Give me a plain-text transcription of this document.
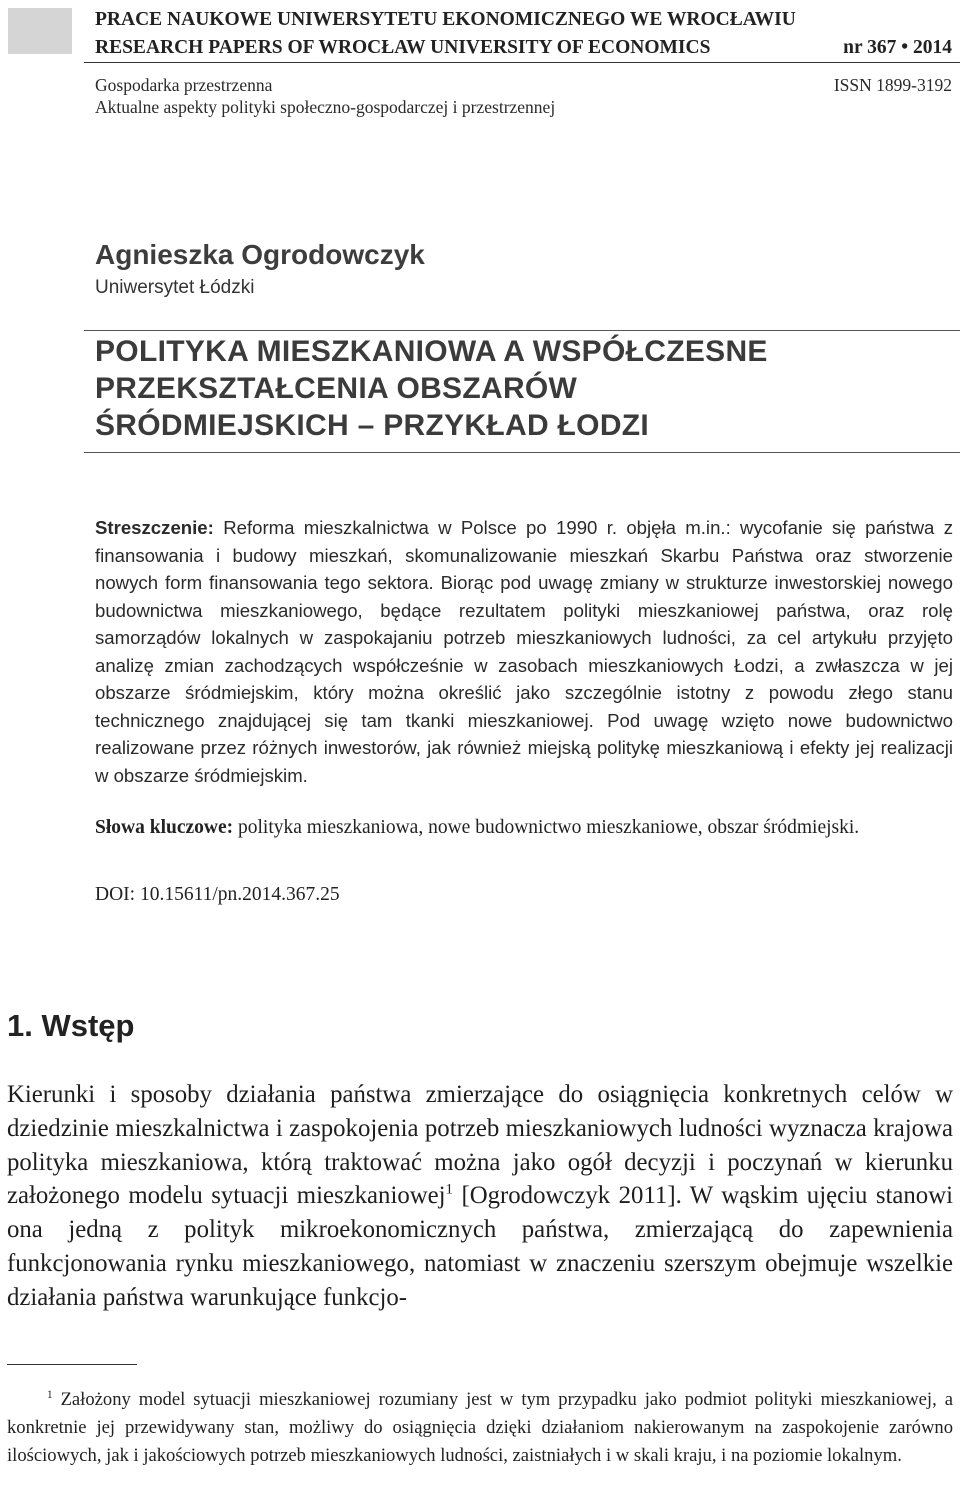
PRACE NAUKOWE UNIWERSYTETU EKONOMICZNEGO WE WROCŁAWIU
RESEARCH PAPERS OF WROCŁAW UNIVERSITY OF ECONOMICS	nr 367 • 2014
Gospodarka przestrzenna
Aktualne aspekty polityki społeczno-gospodarczej i przestrzennej
ISSN 1899-3192
Agnieszka Ogrodowczyk
Uniwersytet Łódzki
POLITYKA MIESZKANIOWA A WSPÓŁCZESNE
PRZEKSZTAŁCENIA OBSZARÓW
ŚRÓDMIEJSKICH – PRZYKŁAD ŁODZI

Streszczenie: Reforma mieszkalnictwa w Polsce po 1990 r. objęła m.in.: wycofanie się państwa z finansowania i budowy mieszkań, skomunalizowanie mieszkań Skarbu Państwa oraz stworzenie nowych form finansowania tego sektora. Biorąc pod uwagę zmiany w strukturze inwestorskiej nowego budownictwa mieszkaniowego, będące rezultatem polityki mieszkaniowej państwa, oraz rolę samorządów lokalnych w zaspokajaniu potrzeb mieszkaniowych ludności, za cel artykułu przyjęto analizę zmian zachodzących współcześnie w zasobach mieszkaniowych Łodzi, a zwłaszcza w jej obszarze śródmiejskim, który można określić jako szczególnie istotny z powodu złego stanu technicznego znajdującej się tam tkanki mieszkaniowej. Pod uwagę wzięto nowe budownictwo realizowane przez różnych inwestorów, jak również miejską politykę mieszkaniową i efekty jej realizacji w obszarze śródmiejskim.

Słowa kluczowe: polityka mieszkaniowa, nowe budownictwo mieszkaniowe, obszar śródmiejski.

DOI: 10.15611/pn.2014.367.25
1. Wstęp

Kierunki i sposoby działania państwa zmierzające do osiągnięcia konkretnych celów w dziedzinie mieszkalnictwa i zaspokojenia potrzeb mieszkaniowych ludności wyznacza krajowa polityka mieszkaniowa, którą traktować można jako ogół decyzji i poczynań w kierunku założonego modelu sytuacji mieszkaniowej$^1$ [Ogrodowczyk 2011]. W wąskim ujęciu stanowi ona jedną z polityk mikroekonomicznych państwa, zmierzającą do zapewnienia funkcjonowania rynku mieszkaniowego, natomiast w znaczeniu szerszym obejmuje wszelkie działania państwa warunkujące funkcjo-

$^1$ Założony model sytuacji mieszkaniowej rozumiany jest w tym przypadku jako podmiot polityki mieszkaniowej, a konkretnie jej przewidywany stan, możliwy do osiągnięcia dzięki działaniom nakierowanym na zaspokojenie zarówno ilościowych, jak i jakościowych potrzeb mieszkaniowych ludności, zaistniałych i w skali kraju, i na poziomie lokalnym.
